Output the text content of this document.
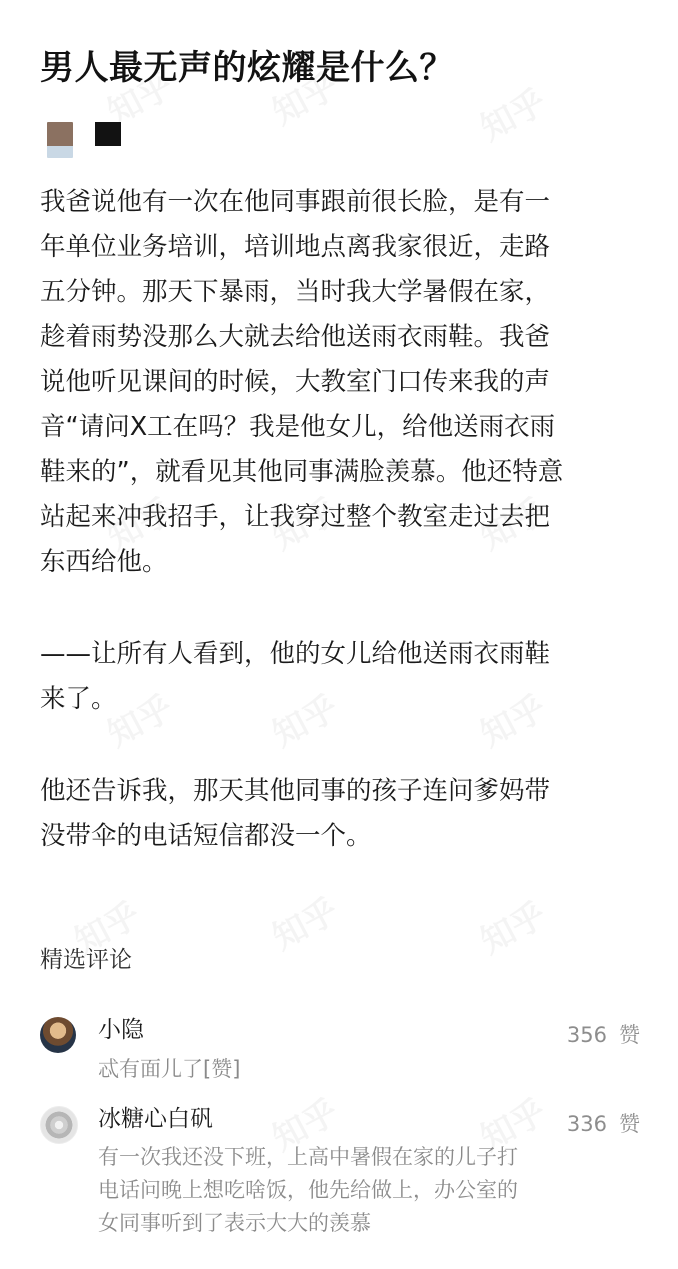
男人最无声的炫耀是什么？

我爸说他有一次在他同事跟前很长脸，是有一
年单位业务培训，培训地点离我家很近，走路
五分钟。那天下暴雨，当时我大学暑假在家，
趁着雨势没那么大就去给他送雨衣雨鞋。我爸
说他听见课间的时候，大教室门口传来我的声
音“请问X工在吗？我是他女儿，给他送雨衣雨
鞋来的”，就看见其他同事满脸羡慕。他还特意
站起来冲我招手，让我穿过整个教室走过去把
东西给他。

——让所有人看到，他的女儿给他送雨衣雨鞋
来了。

他还告诉我，那天其他同事的孩子连问爹妈带
没带伞的电话短信都没一个。

精选评论
小隐	356 赞
忒有面儿了[赞]
冰糖心白矾	336 赞
有一次我还没下班，上高中暑假在家的儿子打
电话问晚上想吃啥饭，他先给做上，办公室的
女同事听到了表示大大的羡慕
